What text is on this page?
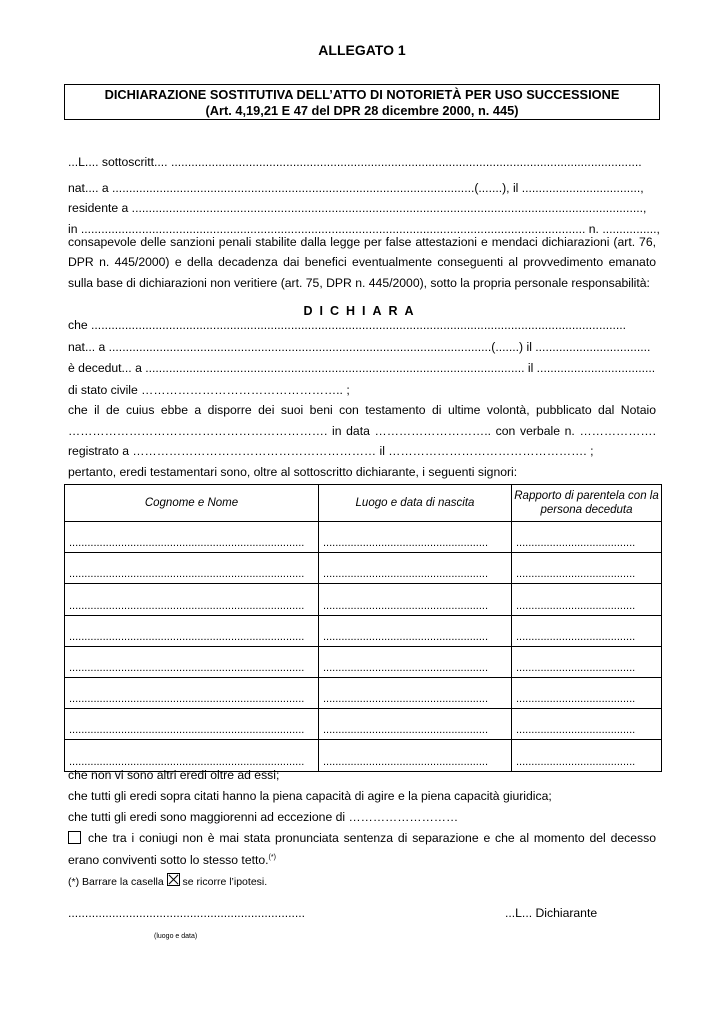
ALLEGATO 1
DICHIARAZIONE SOSTITUTIVA DELL’ATTO DI NOTORIETÀ PER USO SUCCESSIONE
(Art. 4,19,21 E 47 del DPR 28 dicembre 2000, n. 445)
...L.... sottoscritt.... ...........................................................................................................................................
nat.... a ...........................................................................................................(.......), il ...................................,
residente a .......................................................................................................................................................,
in ..................................................................................................................................................... n. ................,
consapevole delle sanzioni penali stabilite dalla legge per false attestazioni e mendaci dichiarazioni (art. 76,
DPR n. 445/2000) e della decadenza dai benefici eventualmente conseguenti al provvedimento emanato
sulla base di dichiarazioni non veritiere (art. 75, DPR n. 445/2000), sotto la propria personale responsabilità:
DICHIARA
che ..............................................................................................................................................................
nat... a .................................................................................................................(.......) il ..................................
è decedut... a ................................................................................................................ il ...................................
di stato civile ………………………………………….. ;
che il de cuius ebbe a disporre dei suoi beni con testamento di ultime volontà, pubblicato dal Notaio
………………………………………………………. in data ……………………….. con verbale n. ……………….
registrato a …………………………………………………… il …………………………………………. ;
pertanto, eredi testamentari sono, oltre al sottoscritto dichiarante, i seguenti signori:
Cognome e Nome	Luogo e data di nascita	Rapporto di parentela con la persona deceduta
.............................................................................	......................................................	.......................................
.............................................................................	......................................................	.......................................
.............................................................................	......................................................	.......................................
.............................................................................	......................................................	.......................................
.............................................................................	......................................................	.......................................
.............................................................................	......................................................	.......................................
.............................................................................	......................................................	.......................................
.............................................................................	......................................................	.......................................
che non vi sono altri eredi oltre ad essi;
che tutti gli eredi sopra citati hanno la piena capacità di agire e la piena capacità giuridica;
che tutti gli eredi sono maggiorenni ad eccezione di ………………………
che tra i coniugi non è mai stata pronunciata sentenza di separazione e che al momento del decesso
erano conviventi sotto lo stesso tetto.(*)
(*) Barrare la casella se ricorre l’ipotesi.
......................................................................
(luogo e data)
...L... Dichiarante
